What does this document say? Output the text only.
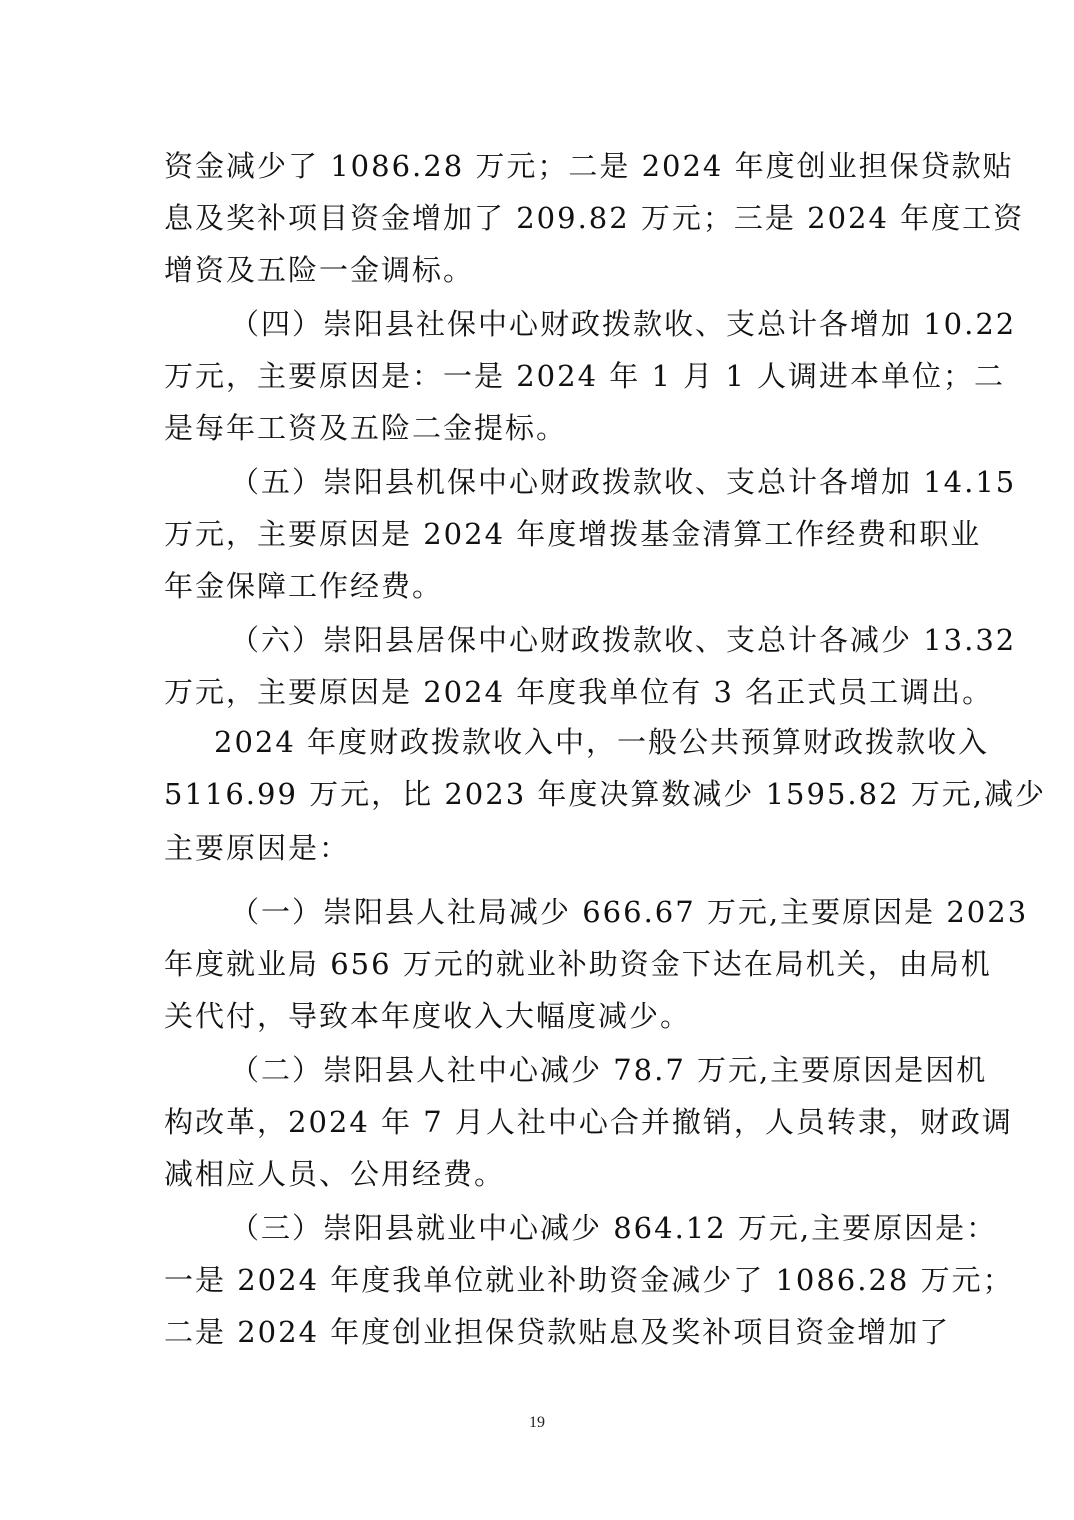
资金减少了 1086.28 万元；二是 2024 年度创业担保贷款贴
息及奖补项目资金增加了 209.82 万元；三是 2024 年度工资
增资及五险一金调标。
（四）崇阳县社保中心财政拨款收、支总计各增加 10.22
万元，主要原因是：一是 2024 年 1 月 1 人调进本单位；二
是每年工资及五险二金提标。
（五）崇阳县机保中心财政拨款收、支总计各增加 14.15
万元，主要原因是 2024 年度增拨基金清算工作经费和职业
年金保障工作经费。
（六）崇阳县居保中心财政拨款收、支总计各减少 13.32
万元，主要原因是 2024 年度我单位有 3 名正式员工调出。
2024 年度财政拨款收入中，一般公共预算财政拨款收入
5116.99 万元，比 2023 年度决算数减少 1595.82 万元,减少
主要原因是：
（一）崇阳县人社局减少 666.67 万元,主要原因是 2023
年度就业局 656 万元的就业补助资金下达在局机关，由局机
关代付，导致本年度收入大幅度减少。
（二）崇阳县人社中心减少 78.7 万元,主要原因是因机
构改革，2024 年 7 月人社中心合并撤销，人员转隶，财政调
减相应人员、公用经费。
（三）崇阳县就业中心减少 864.12 万元,主要原因是：
一是 2024 年度我单位就业补助资金减少了 1086.28 万元；
二是 2024 年度创业担保贷款贴息及奖补项目资金增加了
19
